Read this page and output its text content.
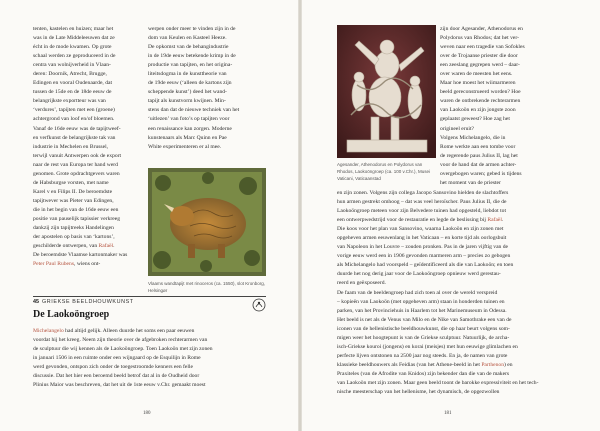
tenten, kastelen en huizen; maar het

was in de Late Middeleeuwen dat ze

écht in de mode kwamen. Op grote

schaal werden ze geproduceerd in de

centra van wolnijverheid in Vlaan-

deren: Doornik, Atrecht, Brugge,

Edingen en vooral Oudenaarde, dat

tussen de 15de en de 18de eeuw de

belangrijkste exportteur was van

‘verdures’, tapijten met een (groene)

achtergrond van loof en/of bloemen.

Vanaf de 16de eeuw was de tapijtweef-

en verfkunst de belangrijkste tak van

industrie in Mechelen en Brussel,

terwijl vanuit Antwerpen ook de export

naar de rest van Europa ter hand werd

genomen. Grote opdrachtgevers waren

de Habsburgse vorsten, met name

Karel v en Filips II. De beroemdste

tapijtwever was Pieter van Edingen,

die in het begin van de 16de eeuw een

positie van pauselijk tapissier verkreeg

dankzij zijn tapijtreeks Handelingen

der apostelen op basis van ‘kartons’,

geschilderde ontwerpen, van Rafaël.

De beroemdste Vlaamse kartonmaker was

Peter Paul Rubens, wiens ont-

werpen onder meer te vinden zijn in de

dom van Keulen en Kasteel Heeze.

De opkomst van de behangindustrie

in de 19de eeuw betekende krimp in de

productie van tapijten, en het origina-

liteitsdogma in de kunsttheorie van

de 19de eeuw (‘alleen de kartons zijn

scheppende kunst’) deed het wand-

tapijt als kunstvorm kwijnen. Min-

stens dan dat de nieuwe techniek van het

‘uitlezen’ van foto’s op tapijten voor

een renaissance kan zorgen. Moderne

kunstenaars als Marc Quinn en Pae

White experimenteren er al mee.

Vlaams wandtapijt met rinoceros (ca. 1550), slot Kronborg, Helsingør
45 GRIEKSE BEELDHOUWKUNST
De Laokoöngroep

Michelangelo had altijd gelijk. Alleen duurde het soms een paar eeuwen

voordat hij het kreeg. Neem zijn theorie over de afgebroken rechterarmen van

de sculptuur die wij kennen als de Laokoöngroep. Toen Laokoön met zijn zonen

in januari 1506 in een ruimte onder een wijngaard op de Esquilijn in Rome

werd gevonden, ontspon zich onder de toegestroomde kenners een felle

discussie. Dat het hier een beroemd beeld betrof dat al in de Oudheid door

Plinius Maior was beschreven, dat het uit de 1ste eeuw v.Chr. gemaakt moest

180
Agesander, Athenodorus en Polydorus van Rhodos, Laokoöngroep (ca. 100 v.Chr.), Musei Vaticani, Vaticaanstad

zijn door Agesander, Athenodorus en

Polydorus van Rhodos; dat het ver-

weven naar een tragedie van Sofokles

over de Trojaanse priester die door

een zeeslang gegrepen werd – daar-

over waren de meesten het eens.

Maar hoe moest het wiimarmeren

beeld gereconstrueerd worden? Hoe

waren de ontbrekende rechterarmen

van Laokoön en zijn jongste zoon

geplaatst geweest? Hoe zag het

origineel eruit?

Volgens Michelangelo, die in

Rome werkte aan een tombe voor

de regerende paus Julius II, lag het

voor de hand dat de armen achter-

overgebogen waren; gebed is tijdens

het moment van de priester

en zijn zonen. Volgens zijn collega Jacopo Sansovino hielden de slachtoffers

hun armen gestrekt omhoog – dat was veel heroïscher. Paus Julius II, die de

Laokoöngroep meteen voor zijn Belvedere tuinen had opgesteld, liebdot tot

een ontwerpwedstrijd voor de restauratie en legde de beslissing bij Rafaël.

Die koos voor het plan van Sansovino, waarna Laokoön en zijn zonen met

opgeheven armen eeuwenlang in het Vaticaan – en korte tijd als oorlogsbuit

van Napoleon in het Louvre – zouden pronken. Pas in de jaren vijftig van de

vorige eeuw werd een in 1906 gevonden marmeren arm – precies zo gebogen

als Michelangelo had voorspeld – geïdentificeerd als die van Laokoön; en toen

duurde het nog derig jaar voor de Laokoöngroep opnieuw werd gerestau-

reerd en geëxposeerd.

De faam van de beeldengroep had zich toen al over de wereld verspreid

– kopieën van Laokoön (met opgeheven arm) staan in honderden tuinen en

parken, van het Provinciehuis in Haarlem tot het Marinemuseum in Odessa.

Het beeld is net als de Venus van Milo en de Nike van Samothrake een van de

iconen van de hellenistische beeldhouwkunst, die op haar beurt volgens som-

migen weer het hoogtepunt is van de Griekse sculptuur. Natuurlijk, de archa-

isch-Griekse kouroi (jongens) en korai (meisjes) met hun eeuwige glimlachen en

perfecte lijven ontstonen na 2500 jaar nog steeds. En ja, de namen van grote

klassieke beeldhouwers als Feidias (van het Athene-beeld in het Parthenon) en

Praxiteles (van de Afrodite van Knidos) zijn bekender dan die van de makers

van Laokoön met zijn zonen. Maar geen beeld toont de barokke expressiviteit en het tech-

nische meesterschap van het hellenisme, het dynamisch, de opgezwollen

181
